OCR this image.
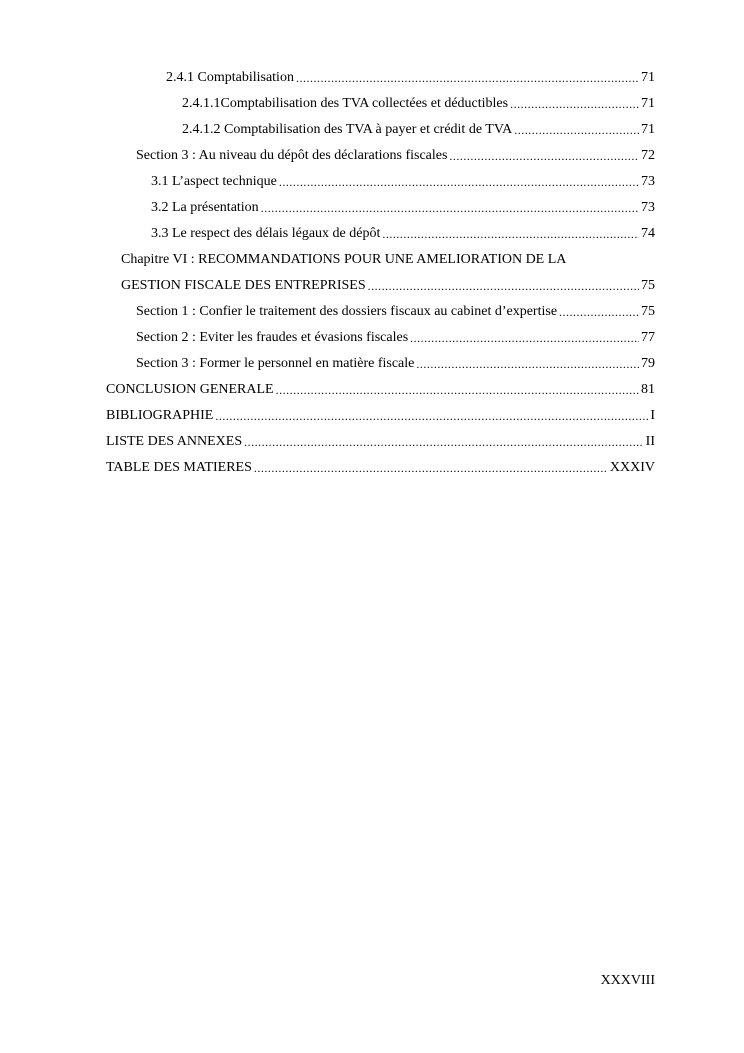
2.4.1 Comptabilisation .....	71
2.4.1.1Comptabilisation des TVA collectées et déductibles .....	71
2.4.1.2 Comptabilisation des TVA à payer et crédit de TVA .....	71
Section 3 : Au niveau du dépôt des déclarations fiscales .....	72
3.1 L’aspect technique .....	73
3.2 La présentation .....	73
3.3 Le respect des délais légaux de dépôt .....	74
Chapitre VI : RECOMMANDATIONS POUR UNE AMELIORATION DE LA
GESTION FISCALE DES ENTREPRISES .....	75
Section 1 : Confier le traitement des dossiers fiscaux au cabinet d’expertise .....	75
Section 2 : Eviter les fraudes et évasions fiscales .....	77
Section 3 : Former le personnel en matière fiscale .....	79
CONCLUSION GENERALE .....	81
BIBLIOGRAPHIE .....	I
LISTE DES ANNEXES .....	II
TABLE DES MATIERES .....	XXXIV
XXXVIII
